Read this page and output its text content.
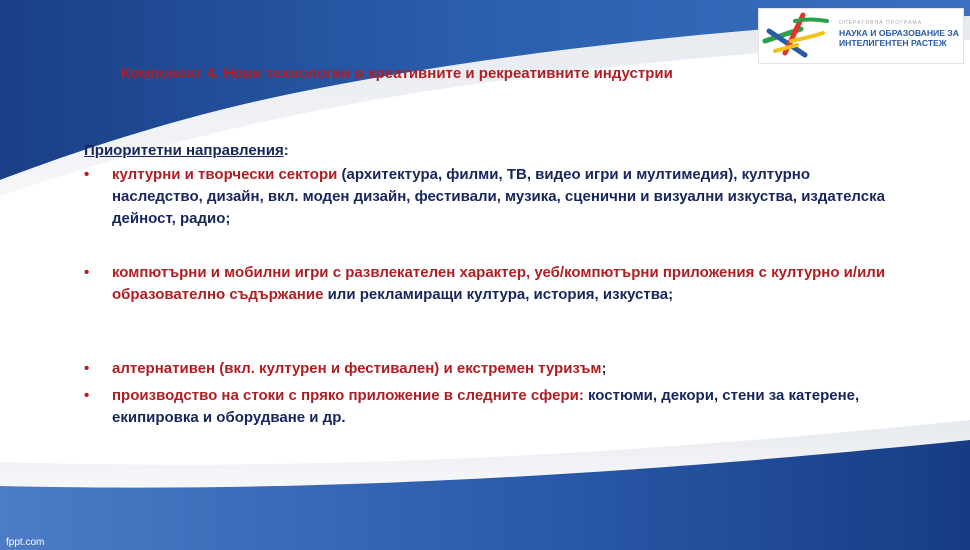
ОПЕРАТИВНА ПРОГРАМА
НАУКА И ОБРАЗОВАНИЕ ЗА
ИНТЕЛИГЕНТЕН РАСТЕЖ
Компонент 4. Нови технологии в креативните и рекреативните индустрии
Приоритетни направления:
• културни и творчески сектори (архитектура, филми, ТВ, видео игри и мултимедия), културно наследство, дизайн, вкл. моден дизайн, фестивали, музика, сценични и визуални изкуства, издателска дейност, радио;
• компютърни и мобилни игри с развлекателен характер, уеб/компютърни приложения с културно и/или образователно съдържание или рекламиращи култура, история, изкуства;
• алтернативен (вкл. културен и фестивален) и екстремен туризъм;
• производство на стоки с пряко приложение в следните сфери: костюми, декори, стени за катерене, екипировка и оборудване и др.
fppt.com
